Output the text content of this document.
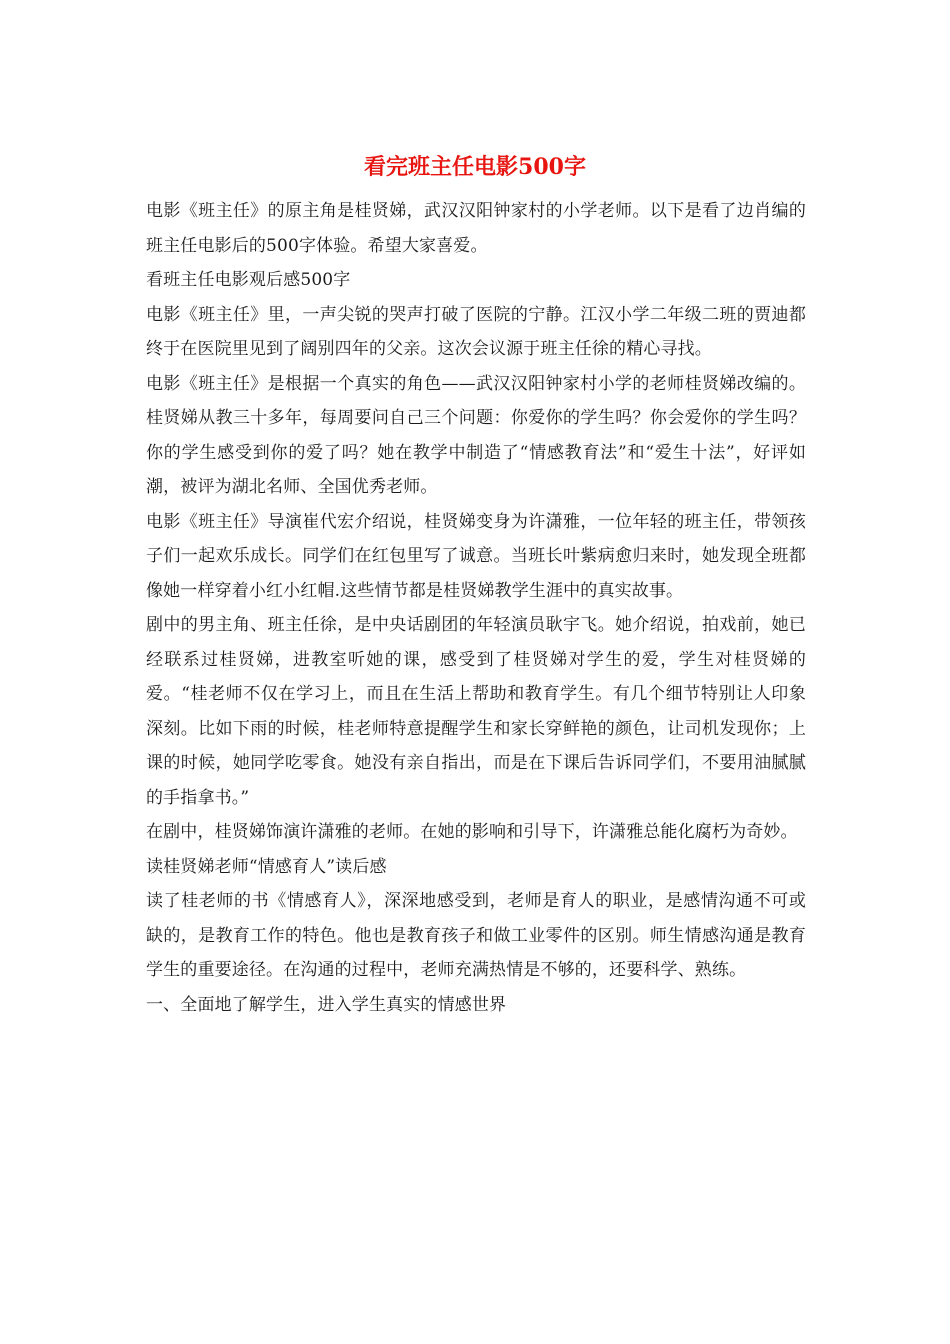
看完班主任电影500字

电影《班主任》的原主角是桂贤娣，武汉汉阳钟家村的小学老师。以下是看了边肖编的班主任电影后的500字体验。希望大家喜爱。

看班主任电影观后感500字

电影《班主任》里，一声尖锐的哭声打破了医院的宁静。江汉小学二年级二班的贾迪都终于在医院里见到了阔别四年的父亲。这次会议源于班主任徐的精心寻找。

电影《班主任》是根据一个真实的角色——武汉汉阳钟家村小学的老师桂贤娣改编的。桂贤娣从教三十多年，每周要问自己三个问题：你爱你的学生吗？你会爱你的学生吗？你的学生感受到你的爱了吗？她在教学中制造了“情感教育法”和“爱生十法”，好评如潮，被评为湖北名师、全国优秀老师。

电影《班主任》导演崔代宏介绍说，桂贤娣变身为许潇雅，一位年轻的班主任，带领孩子们一起欢乐成长。同学们在红包里写了诚意。当班长叶紫病愈归来时，她发现全班都像她一样穿着小红小红帽.这些情节都是桂贤娣教学生涯中的真实故事。

剧中的男主角、班主任徐，是中央话剧团的年轻演员耿宇飞。她介绍说，拍戏前，她已经联系过桂贤娣，进教室听她的课，感受到了桂贤娣对学生的爱，学生对桂贤娣的爱。“桂老师不仅在学习上，而且在生活上帮助和教育学生。有几个细节特别让人印象深刻。比如下雨的时候，桂老师特意提醒学生和家长穿鲜艳的颜色，让司机发现你；上课的时候，她同学吃零食。她没有亲自指出，而是在下课后告诉同学们，不要用油腻腻的手指拿书。”

在剧中，桂贤娣饰演许潇雅的老师。在她的影响和引导下，许潇雅总能化腐朽为奇妙。

读桂贤娣老师“情感育人”读后感

读了桂老师的书《情感育人》，深深地感受到，老师是育人的职业，是感情沟通不可或缺的，是教育工作的特色。他也是教育孩子和做工业零件的区别。师生情感沟通是教育学生的重要途径。在沟通的过程中，老师充满热情是不够的，还要科学、熟练。

一、全面地了解学生，进入学生真实的情感世界
